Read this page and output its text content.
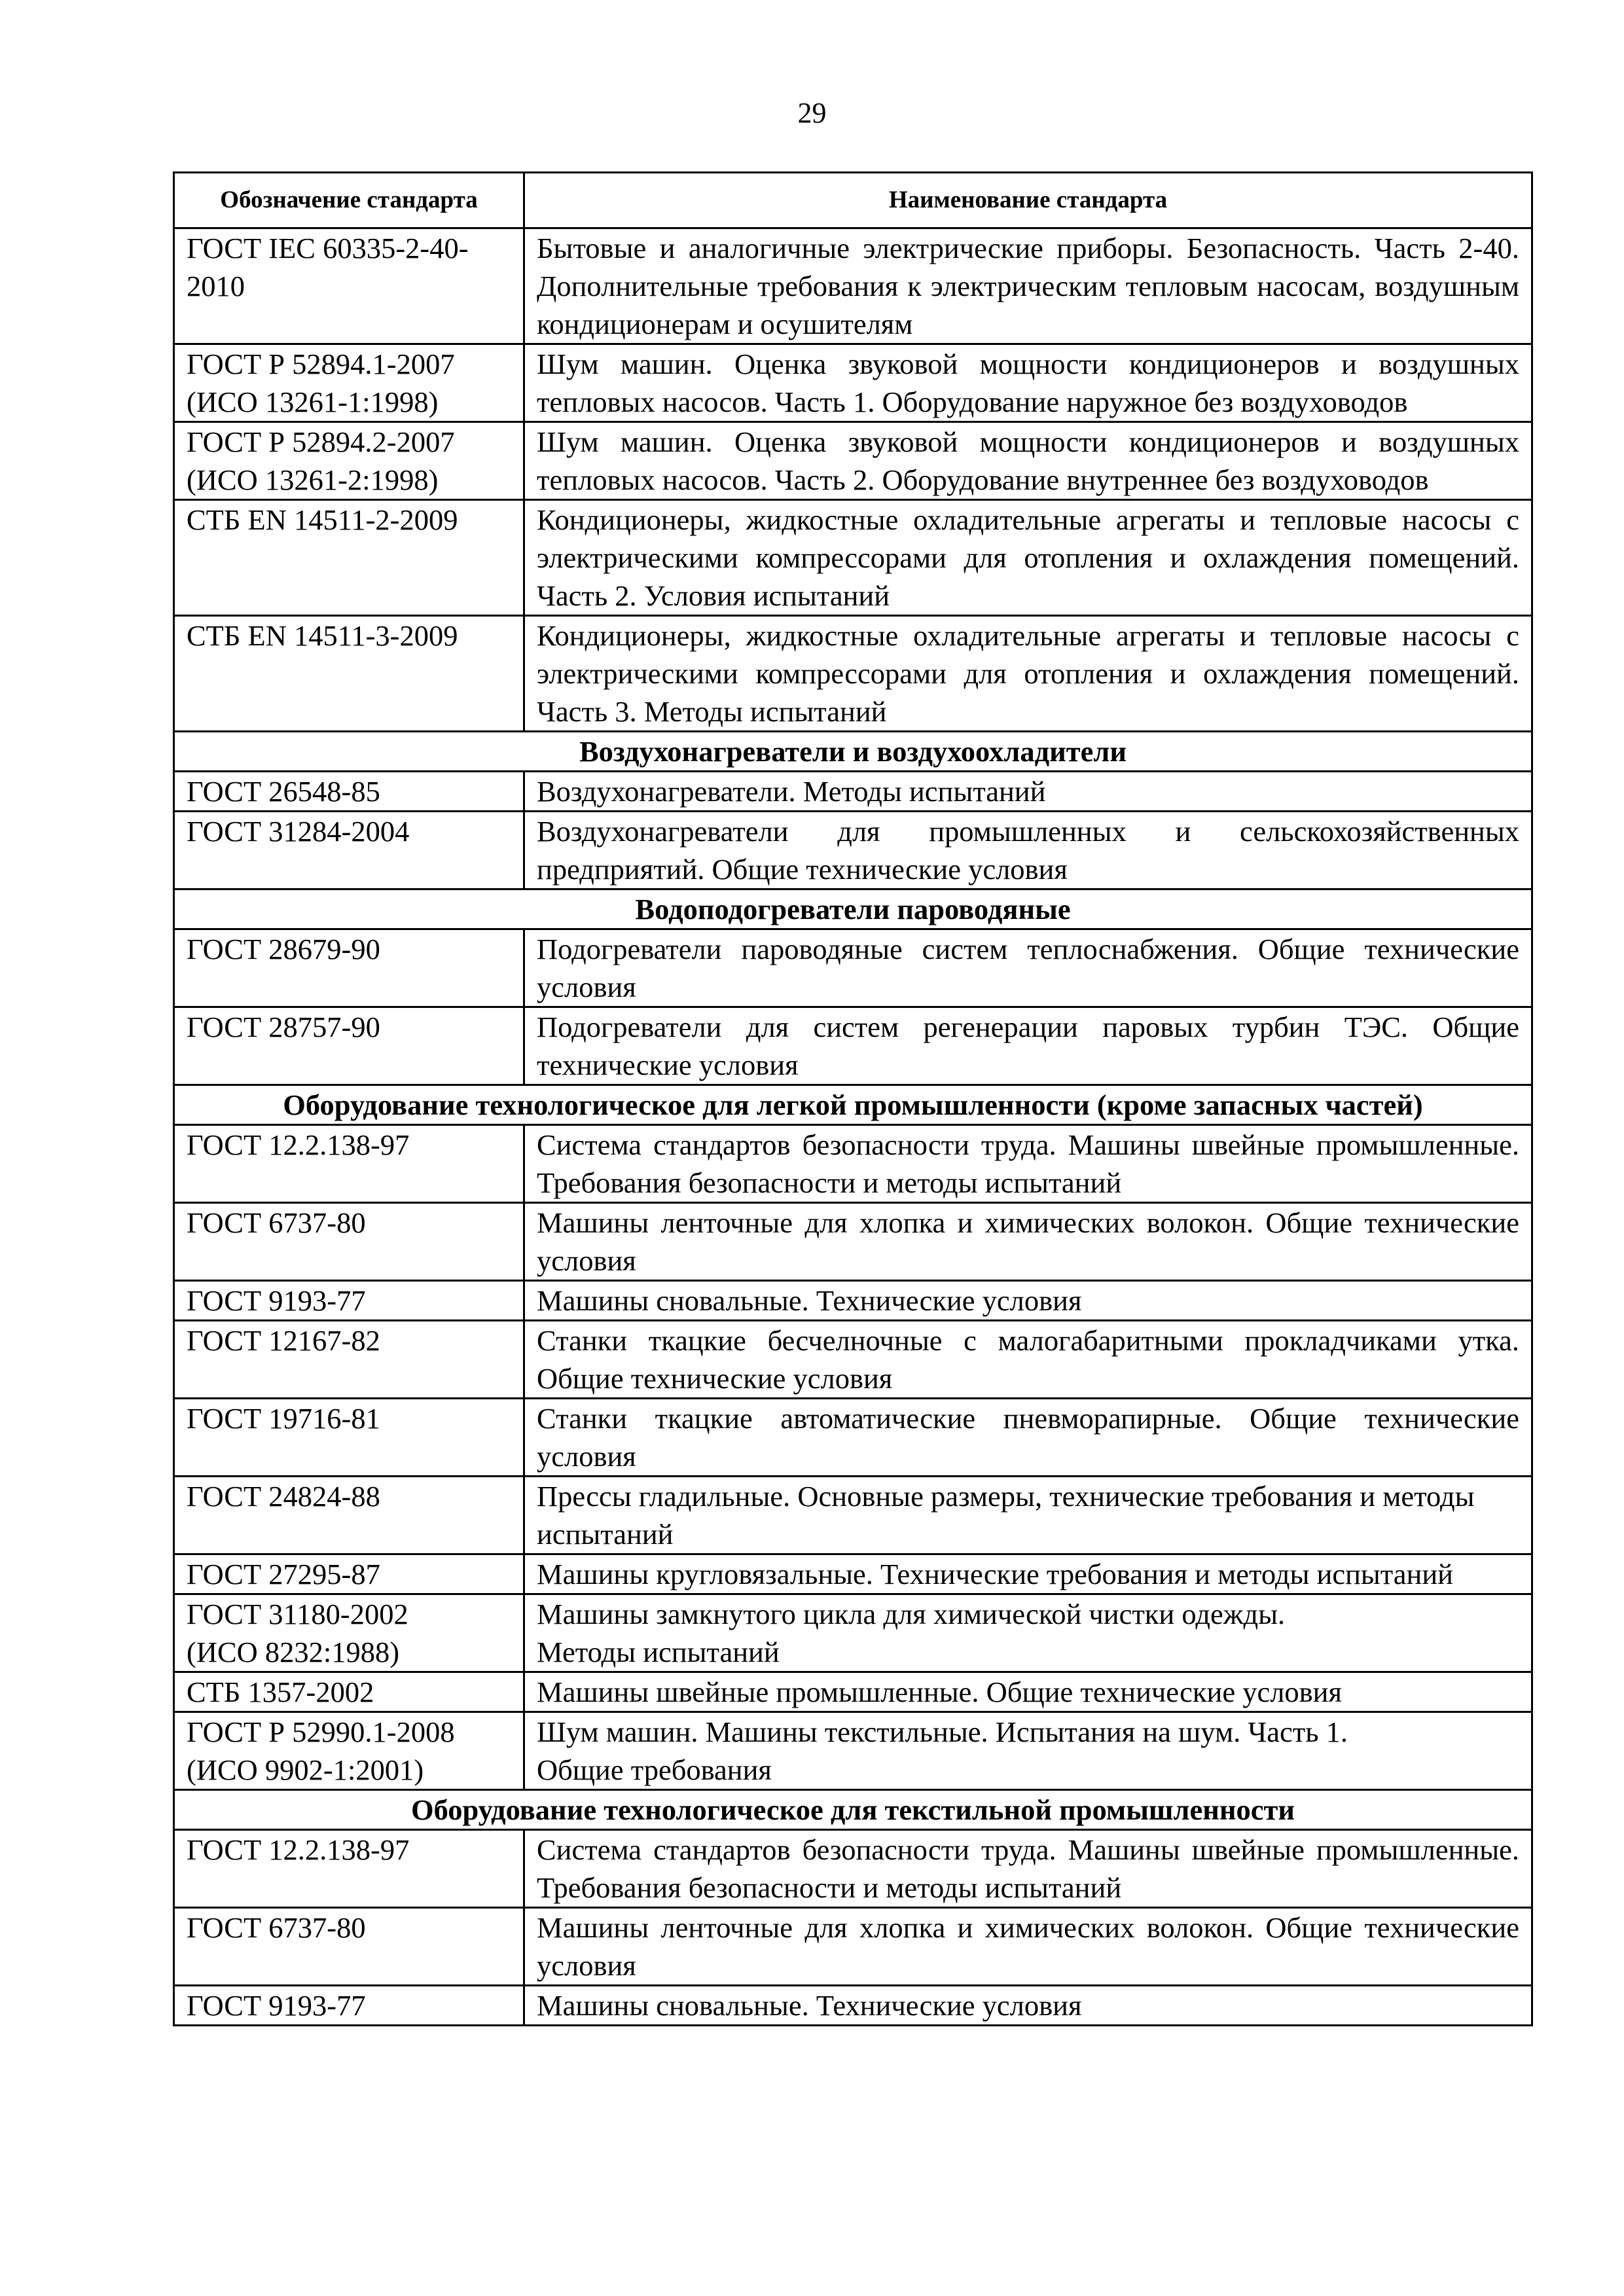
29
Обозначение стандарта	Наименование стандарта

ГОСТ IEC 60335-2-40-
2010	Бытовые и аналогичные электрические приборы. Безопасность. Часть 2-40. Дополнительные требования к электрическим тепловым насосам, воздушным кондиционерам и осушителям

ГОСТ Р 52894.1-2007
(ИСО 13261-1:1998)	Шум машин. Оценка звуковой мощности кондиционеров и воздушных тепловых насосов. Часть 1. Оборудование наружное без воздуховодов

ГОСТ Р 52894.2-2007
(ИСО 13261-2:1998)	Шум машин. Оценка звуковой мощности кондиционеров и воздушных тепловых насосов. Часть 2. Оборудование внутреннее без воздуховодов

СТБ EN 14511-2-2009	Кондиционеры, жидкостные охладительные агрегаты и тепловые насосы с электрическими компрессорами для отопления и охлаждения помещений. Часть 2. Условия испытаний

СТБ EN 14511-3-2009	Кондиционеры, жидкостные охладительные агрегаты и тепловые насосы с электрическими компрессорами для отопления и охлаждения помещений. Часть 3. Методы испытаний
Воздухонагреватели и воздухоохладители	

ГОСТ 26548-85	Воздухонагреватели. Методы испытаний

ГОСТ 31284-2004	Воздухонагреватели для промышленных и сельскохозяйственных предприятий. Общие технические условия
Водоподогреватели пароводяные	

ГОСТ 28679-90	Подогреватели пароводяные систем теплоснабжения. Общие технические условия

ГОСТ 28757-90	Подогреватели для систем регенерации паровых турбин ТЭС. Общие технические условия
Оборудование технологическое для легкой промышленности (кроме запасных частей)	

ГОСТ 12.2.138-97	Система стандартов безопасности труда. Машины швейные промышленные. Требования безопасности и методы испытаний

ГОСТ 6737-80	Машины ленточные для хлопка и химических волокон. Общие технические условия

ГОСТ 9193-77	Машины сновальные. Технические условия

ГОСТ 12167-82	Станки ткацкие бесчелночные с малогабаритными прокладчиками утка. Общие технические условия

ГОСТ 19716-81	Станки ткацкие автоматические пневморапирные. Общие технические условия

ГОСТ 24824-88	Прессы гладильные. Основные размеры, технические требования и методы испытаний

ГОСТ 27295-87	Машины кругловязальные. Технические требования и методы испытаний

ГОСТ 31180-2002
(ИСО 8232:1988)	Машины замкнутого цикла для химической чистки одежды.
Методы испытаний

СТБ 1357-2002	Машины швейные промышленные. Общие технические условия

ГОСТ Р 52990.1-2008
(ИСО 9902-1:2001)	Шум машин. Машины текстильные. Испытания на шум. Часть 1.
Общие требования

Оборудование технологическое для текстильной промышленности	

ГОСТ 12.2.138-97	Система стандартов безопасности труда. Машины швейные промышленные. Требования безопасности и методы испытаний

ГОСТ 6737-80	Машины ленточные для хлопка и химических волокон. Общие технические условия

ГОСТ 9193-77	Машины сновальные. Технические условия
